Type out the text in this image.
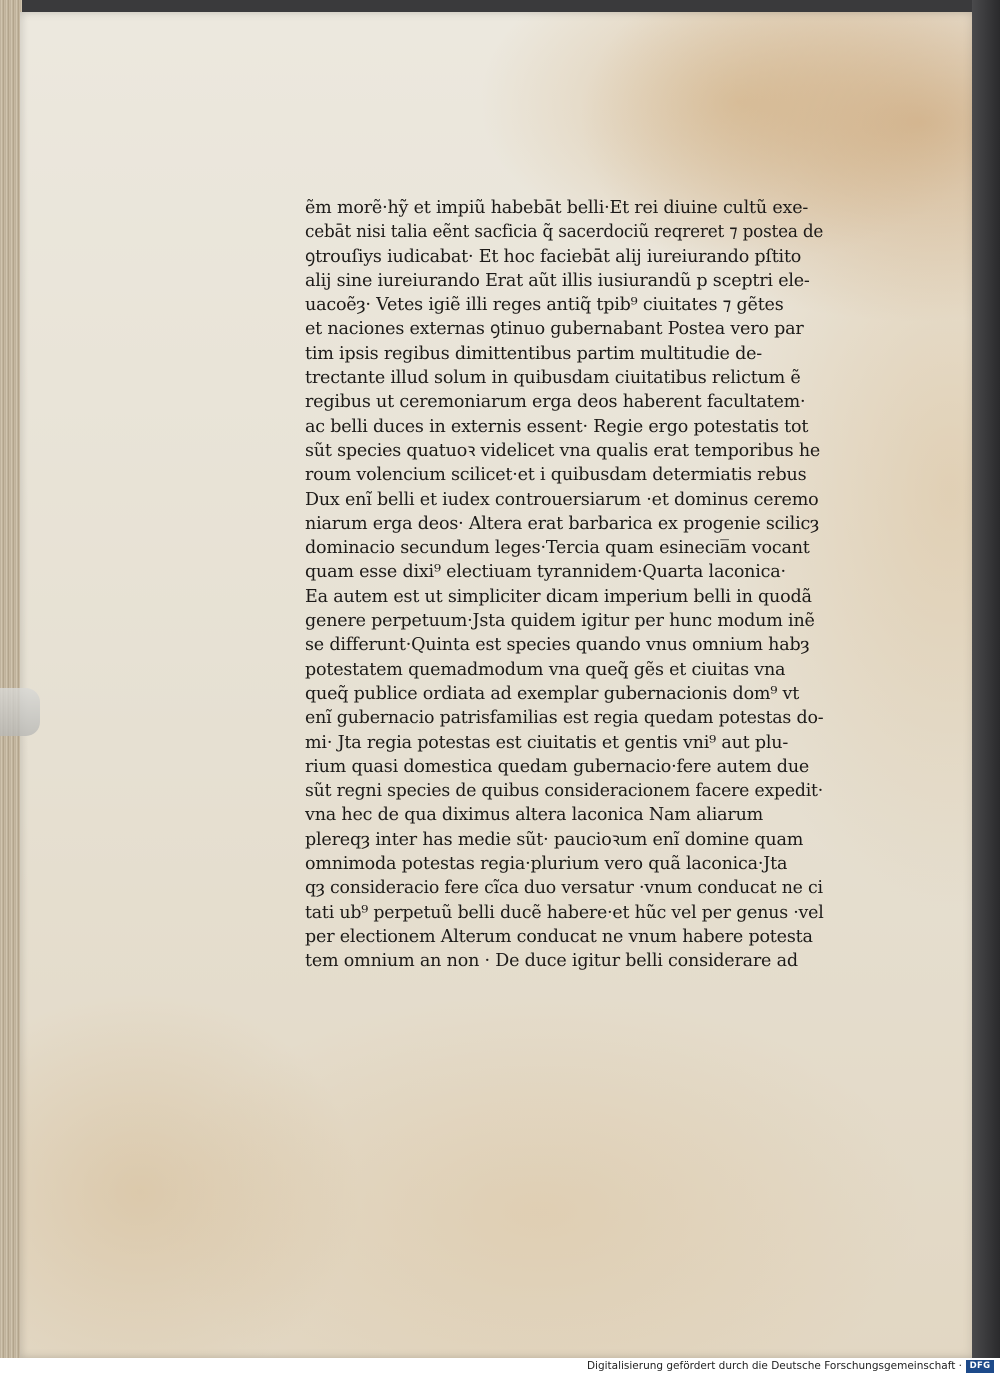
ẽm morẽ·hỹ et impiũ habebāt belli·Et rei diuine cultũ exe-
cebāt nisi talia eẽnt sacficia q̃ sacerdociũ reqreret ⁊ postea de
ꝯtrouſiys iudicabat· Et hoc faciebāt alij iureiurando pſtito
alij sine iureiurando Erat aũt illis iusiurandũ p sceptri ele-
uacoẽȝ· Vetes igiẽ illi reges antiq̃ tpib⁹ ciuitates ⁊ gẽtes
et naciones externas ꝯtinuo gubernabant Postea vero par
tim ipsis regibus dimittentibus partim multitudie de-
trectante illud solum in quibusdam ciuitatibus relictum ẽ
regibus ut ceremoniarum erga deos haberent facultatem·
ac belli duces in externis essent· Regie ergo potestatis tot
sũt species quatuoꝛ videlicet vna qualis erat temporibus he
roum volencium scilicet·et i quibusdam determiatis rebus
Dux enĩ belli et iudex controuersiarum ·et dominus ceremo
niarum erga deos· Altera erat barbarica ex progenie scilicȝ
dominacio secundum leges·Tercia quam esinecia̅m vocant
quam esse dixi⁹ electiuam tyrannidem·Quarta laconica·
Ea autem est ut simpliciter dicam imperium belli in quodã
genere perpetuum·Jsta quidem igitur per hunc modum inẽ
se differunt·Quinta est species quando vnus omnium habȝ
potestatem quemadmodum vna queq̃ gẽs et ciuitas vna
queq̃ publice ordiata ad exemplar gubernacionis dom⁹ vt
enĩ gubernacio patrisfamilias est regia quedam potestas do-
mi· Jta regia potestas est ciuitatis et gentis vni⁹ aut plu-
rium quasi domestica quedam gubernacio·fere autem due
sũt regni species de quibus consideracionem facere expedit·
vna hec de qua diximus altera laconica Nam aliarum
plereqȝ inter has medie sũt· paucioꝛum enĩ domine quam
omnimoda potestas regia·plurium vero quã laconica·Jta
qȝ consideracio fere cĩca duo versatur ·vnum conducat ne ci
tati ub⁹ perpetuũ belli ducẽ habere·et hũc vel per genus ·vel
per electionem Alterum conducat ne vnum habere potesta
tem omnium an non · De duce igitur belli considerare ad
Digitalisierung gefördert durch die Deutsche Forschungsgemeinschaft · DFG
